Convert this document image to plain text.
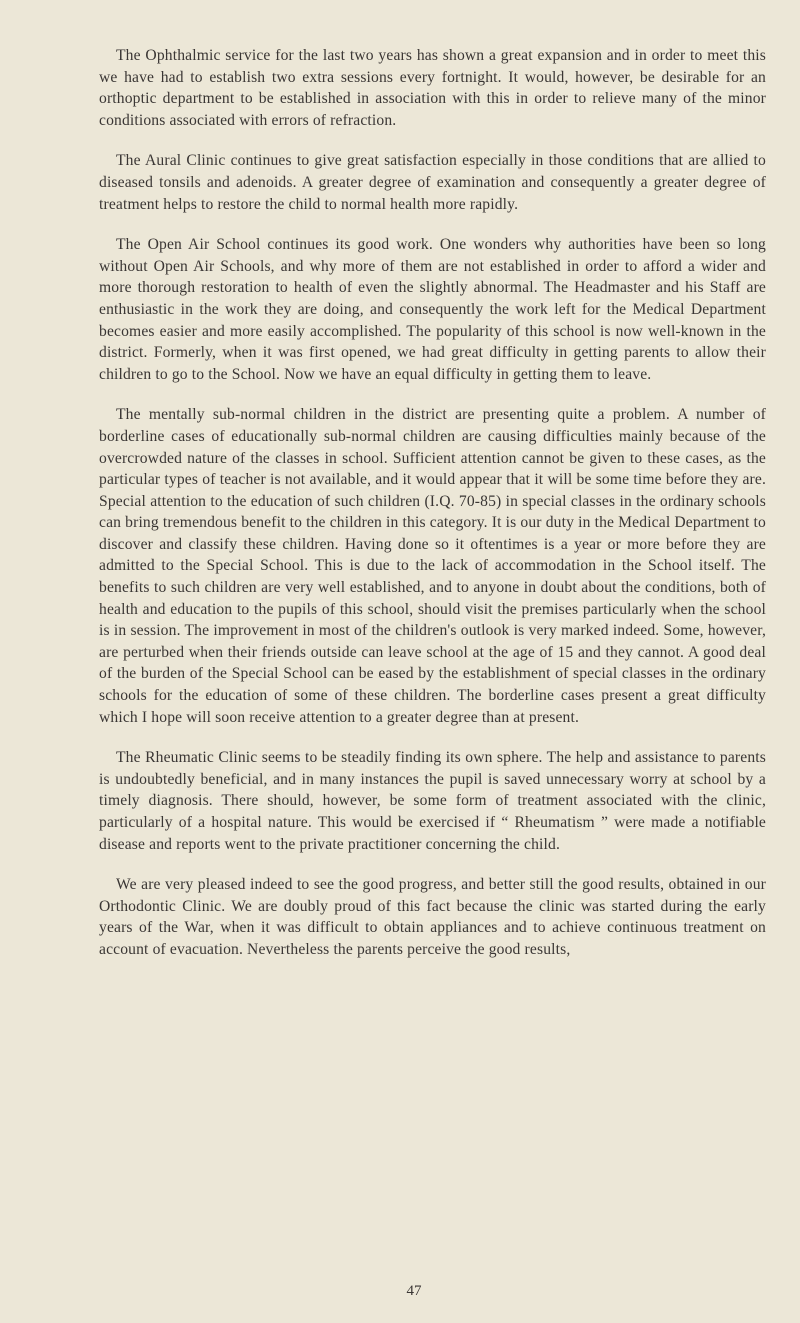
The Ophthalmic service for the last two years has shown a great expansion and in order to meet this we have had to establish two extra sessions every fortnight. It would, however, be desirable for an orthoptic department to be established in association with this in order to relieve many of the minor conditions associated with errors of refraction.

The Aural Clinic continues to give great satisfaction especially in those conditions that are allied to diseased tonsils and adenoids. A greater degree of examination and consequently a greater degree of treatment helps to restore the child to normal health more rapidly.

The Open Air School continues its good work. One wonders why authorities have been so long without Open Air Schools, and why more of them are not established in order to afford a wider and more thorough restoration to health of even the slightly abnormal. The Headmaster and his Staff are enthusiastic in the work they are doing, and consequently the work left for the Medical Department becomes easier and more easily accomplished. The popularity of this school is now well-known in the district. Formerly, when it was first opened, we had great difficulty in getting parents to allow their children to go to the School. Now we have an equal difficulty in getting them to leave.

The mentally sub-normal children in the district are presenting quite a problem. A number of borderline cases of educationally sub-normal children are causing difficulties mainly because of the overcrowded nature of the classes in school. Sufficient attention cannot be given to these cases, as the particular types of teacher is not available, and it would appear that it will be some time before they are. Special attention to the education of such children (I.Q. 70-85) in special classes in the ordinary schools can bring tremendous benefit to the children in this category. It is our duty in the Medical Department to discover and classify these children. Having done so it oftentimes is a year or more before they are admitted to the Special School. This is due to the lack of accommodation in the School itself. The benefits to such children are very well established, and to anyone in doubt about the conditions, both of health and education to the pupils of this school, should visit the premises particularly when the school is in session. The improvement in most of the children's outlook is very marked indeed. Some, however, are perturbed when their friends outside can leave school at the age of 15 and they cannot. A good deal of the burden of the Special School can be eased by the establishment of special classes in the ordinary schools for the education of some of these children. The borderline cases present a great difficulty which I hope will soon receive attention to a greater degree than at present.

The Rheumatic Clinic seems to be steadily finding its own sphere. The help and assistance to parents is undoubtedly beneficial, and in many instances the pupil is saved unnecessary worry at school by a timely diagnosis. There should, however, be some form of treatment associated with the clinic, particularly of a hospital nature. This would be exercised if “ Rheumatism ” were made a notifiable disease and reports went to the private practitioner concerning the child.

We are very pleased indeed to see the good progress, and better still the good results, obtained in our Orthodontic Clinic. We are doubly proud of this fact because the clinic was started during the early years of the War, when it was difficult to obtain appliances and to achieve continuous treatment on account of evacuation. Nevertheless the parents perceive the good results,

47
